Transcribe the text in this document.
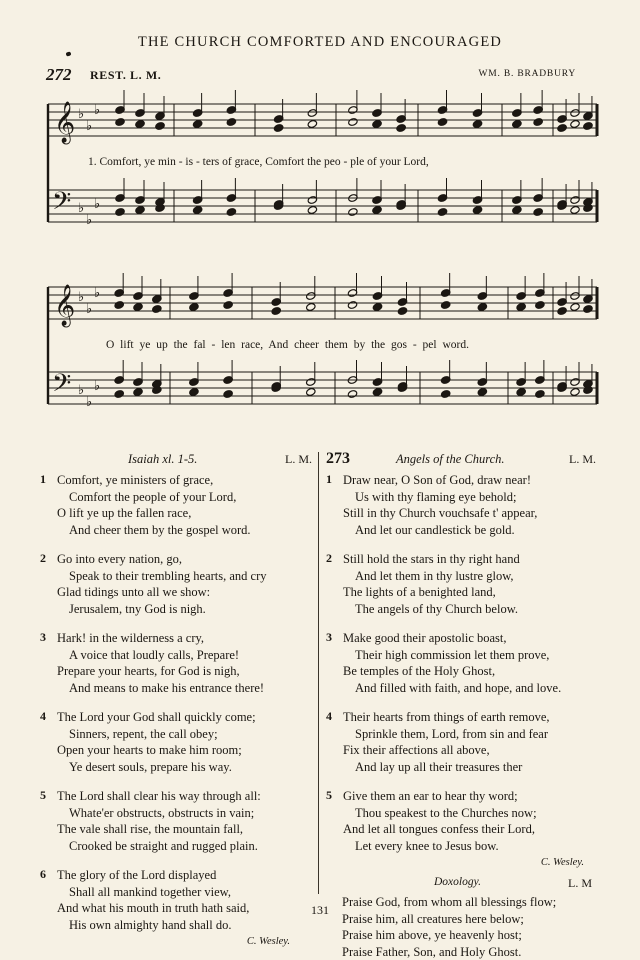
THE CHURCH COMFORTED AND ENCOURAGED
272 REST. L. M.	WM. B. BRADBURY
𝄞
𝄢
♭
♭
♭
♭
♭
♭
𝄞
𝄢
♭
♭
♭
♭
♭
♭
1. Comfort, ye min - is - ters of grace, Comfort the peo - ple of your Lord,
O lift ye up the fal - len race, And cheer them by the gos - pel word.
Isaiah xl. 1-5.	L. M.
1 Comfort, ye ministers of grace,
Comfort the people of your Lord,
O lift ye up the fallen race,
And cheer them by the gospel word.
2 Go into every nation, go,
Speak to their trembling hearts, and cry
Glad tidings unto all we show:
Jerusalem, tny God is nigh.
3 Hark! in the wilderness a cry,
A voice that loudly calls, Prepare!
Prepare your hearts, for God is nigh,
And means to make his entrance there!
4 The Lord your God shall quickly come;
Sinners, repent, the call obey;
Open your hearts to make him room;
Ye desert souls, prepare his way.
5 The Lord shall clear his way through all:
Whate'er obstructs, obstructs in vain;
The vale shall rise, the mountain fall,
Crooked be straight and rugged plain.
6 The glory of the Lord displayed
Shall all mankind together view,
And what his mouth in truth hath said,
His own almighty hand shall do.
C. Wesley.
273	Angels of the Church.	L. M.
1 Draw near, O Son of God, draw near!
Us with thy flaming eye behold;
Still in thy Church vouchsafe t' appear,
And let our candlestick be gold.
2 Still hold the stars in thy right hand
And let them in thy lustre glow,
The lights of a benighted land,
The angels of thy Church below.
3 Make good their apostolic boast,
Their high commission let them prove,
Be temples of the Holy Ghost,
And filled with faith, and hope, and love.
4 Their hearts from things of earth remove,
Sprinkle them, Lord, from sin and fear
Fix their affections all above,
And lay up all their treasures ther
5 Give them an ear to hear thy word;
Thou speakest to the Churches now;
And let all tongues confess their Lord,
Let every knee to Jesus bow.
C. Wesley.
Doxology.	L. M
Praise God, from whom all blessings flow;
Praise him, all creatures here below;
Praise him above, ye heavenly host;
Praise Father, Son, and Holy Ghost.
131
